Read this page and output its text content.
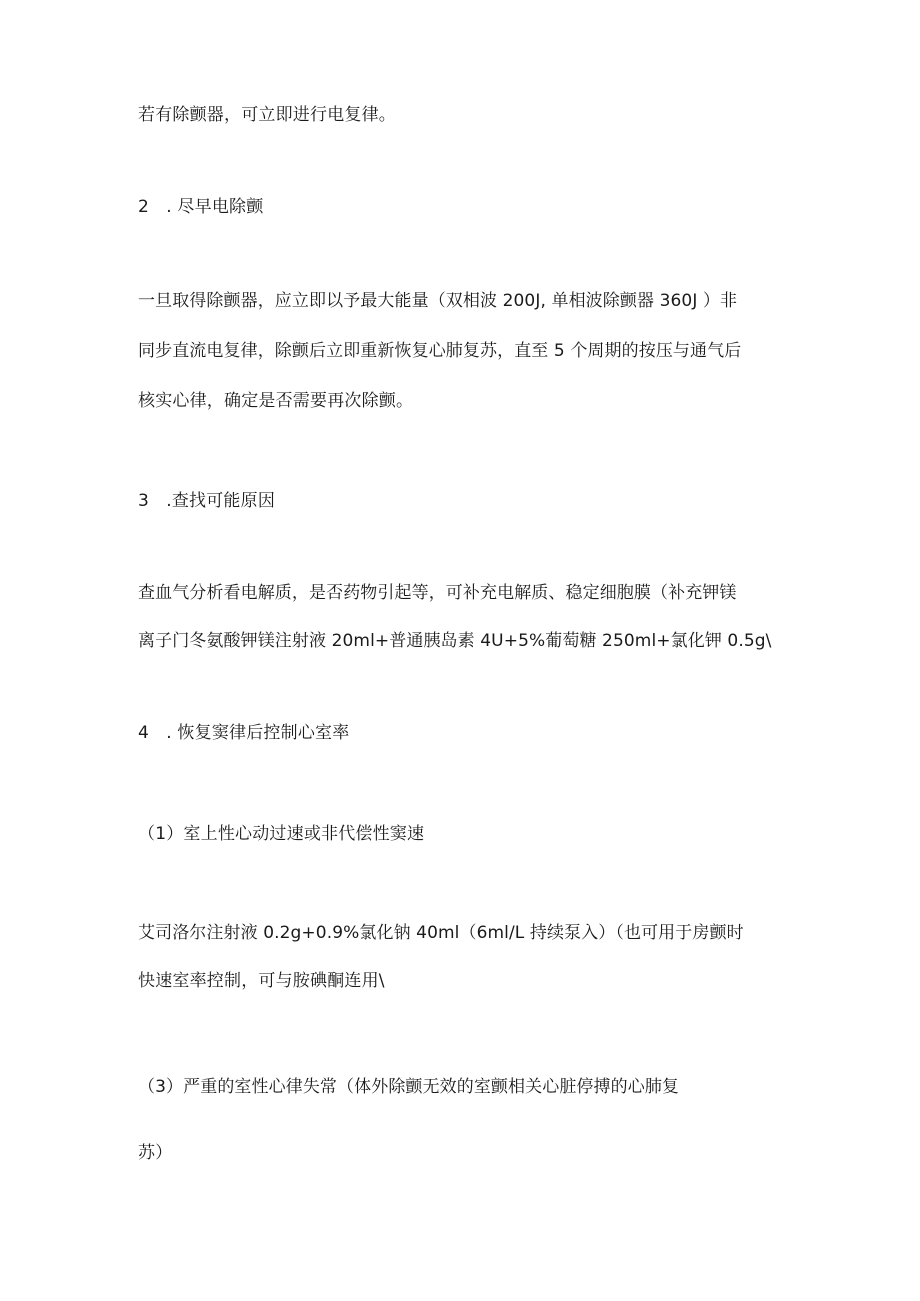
若有除颤器，可立即进行电复律。
2　. 尽早电除颤
一旦取得除颤器，应立即以予最大能量（双相波 200J, 单相波除颤器 360J ）非
同步直流电复律，除颤后立即重新恢复心肺复苏，直至 5 个周期的按压与通气后
核实心律，确定是否需要再次除颤。
3　.查找可能原因
查血气分析看电解质，是否药物引起等，可补充电解质、稳定细胞膜（补充钾镁
离子门冬氨酸钾镁注射液 20ml+普通胰岛素 4U+5%葡萄糖 250ml+氯化钾 0.5g\
4　. 恢复窦律后控制心室率
（1）室上性心动过速或非代偿性窦速
艾司洛尔注射液 0.2g+0.9%氯化钠 40ml（6ml/L 持续泵入）（也可用于房颤时
快速室率控制，可与胺碘酮连用\
（3）严重的室性心律失常（体外除颤无效的室颤相关心脏停搏的心肺复
苏）
